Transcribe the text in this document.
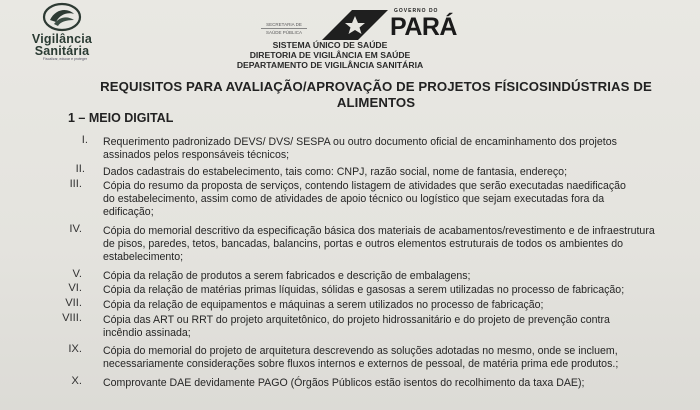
Vigilância
Sanitária
Fiscalizar, educar e proteger
SECRETARIA DE
SAÚDE PÚBLICA
GOVERNO DO
PARÁ
SISTEMA ÚNICO DE SAÚDE
DIRETORIA DE VIGILÂNCIA EM SAÚDE
DEPARTAMENTO DE VIGILÂNCIA SANITÁRIA
REQUISITOS PARA AVALIAÇÃO/APROVAÇÃO DE PROJETOS FÍSICOSINDÚSTRIAS DE
ALIMENTOS
1 – MEIO DIGITAL
I. Requerimento padronizado DEVS/ DVS/ SESPA ou outro documento oficial de encaminhamento dos projetos
assinados pelos responsáveis técnicos;
II. Dados cadastrais do estabelecimento, tais como: CNPJ, razão social, nome de fantasia, endereço;
III. Cópia do resumo da proposta de serviços, contendo listagem de atividades que serão executadas naedificação
do estabelecimento, assim como de atividades de apoio técnico ou logístico que sejam executadas fora da
edificação;
IV. Cópia do memorial descritivo da especificação básica dos materiais de acabamentos/revestimento e de infraestrutura
de pisos, paredes, tetos, bancadas, balancins, portas e outros elementos estruturais de todos os ambientes do
estabelecimento;
V. Cópia da relação de produtos a serem fabricados e descrição de embalagens;
VI. Cópia da relação de matérias primas líquidas, sólidas e gasosas a serem utilizadas no processo de fabricação;
VII. Cópia da relação de equipamentos e máquinas a serem utilizados no processo de fabricação;
VIII. Cópia das ART ou RRT do projeto arquitetônico, do projeto hidrossanitário e do projeto de prevenção contra
incêndio assinada;
IX. Cópia do memorial do projeto de arquitetura descrevendo as soluções adotadas no mesmo, onde se incluem,
necessariamente considerações sobre fluxos internos e externos de pessoal, de matéria prima ede produtos.;
X. Comprovante DAE devidamente PAGO (Órgãos Públicos estão isentos do recolhimento da taxa DAE);
